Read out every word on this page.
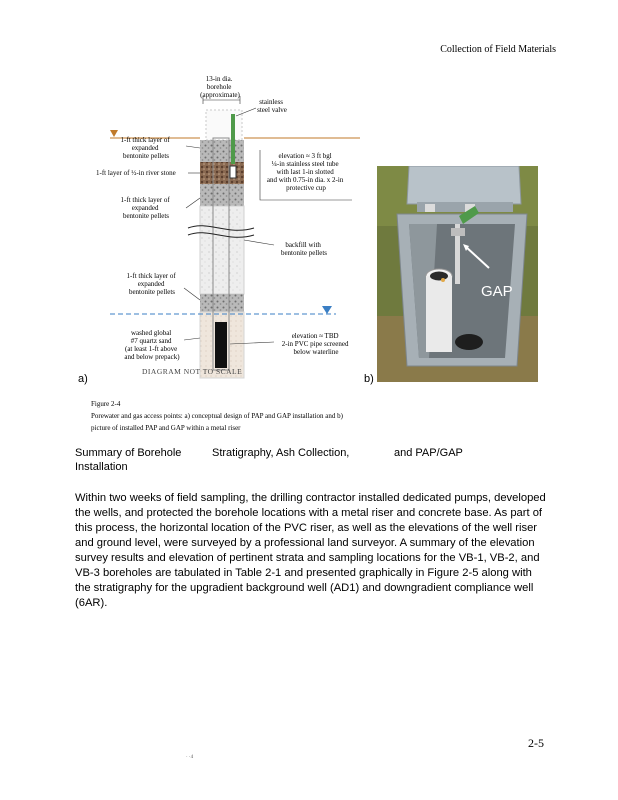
Collection of Field Materials
13-in dia. borehole (approximate)
stainless steel valve
1-ft thick layer of expanded bentonite pellets
1-ft layer of ½-in river stone
1-ft thick layer of expanded bentonite pellets
elevation ≈ 3 ft bgl ¼-in stainless steel tube with last 1-in slotted and with 0.75-in dia. x 2-in protective cup
backfill with bentonite pellets
1-ft thick layer of expanded bentonite pellets
washed global #7 quartz sand (at least 1-ft above and below prepack)
elevation ≈ TBD 2-in PVC pipe screened below waterline
DIAGRAM NOT TO SCALE
GAP
a)	b)
Figure 2-4
Porewater and gas access points: a) conceptual design of PAP and GAP installation and b) picture of installed PAP and GAP within a metal riser
Summary of Borehole	Stratigraphy, Ash Collection,	and PAP/GAP
Installation

Within two weeks of field sampling, the drilling contractor installed dedicated pumps, developed the wells, and protected the borehole locations with a metal riser and concrete base. As part of this process, the horizontal location of the PVC riser, as well as the elevations of the well riser and ground level, were surveyed by a professional land surveyor. A summary of the elevation survey results and elevation of pertinent strata and sampling locations for the VB-1, VB-2, and VB-3 boreholes are tabulated in Table 2-1 and presented graphically in Figure 2-5 along with the stratigraphy for the upgradient background well (AD1) and downgradient compliance well (6AR).

2-5
· ·4
